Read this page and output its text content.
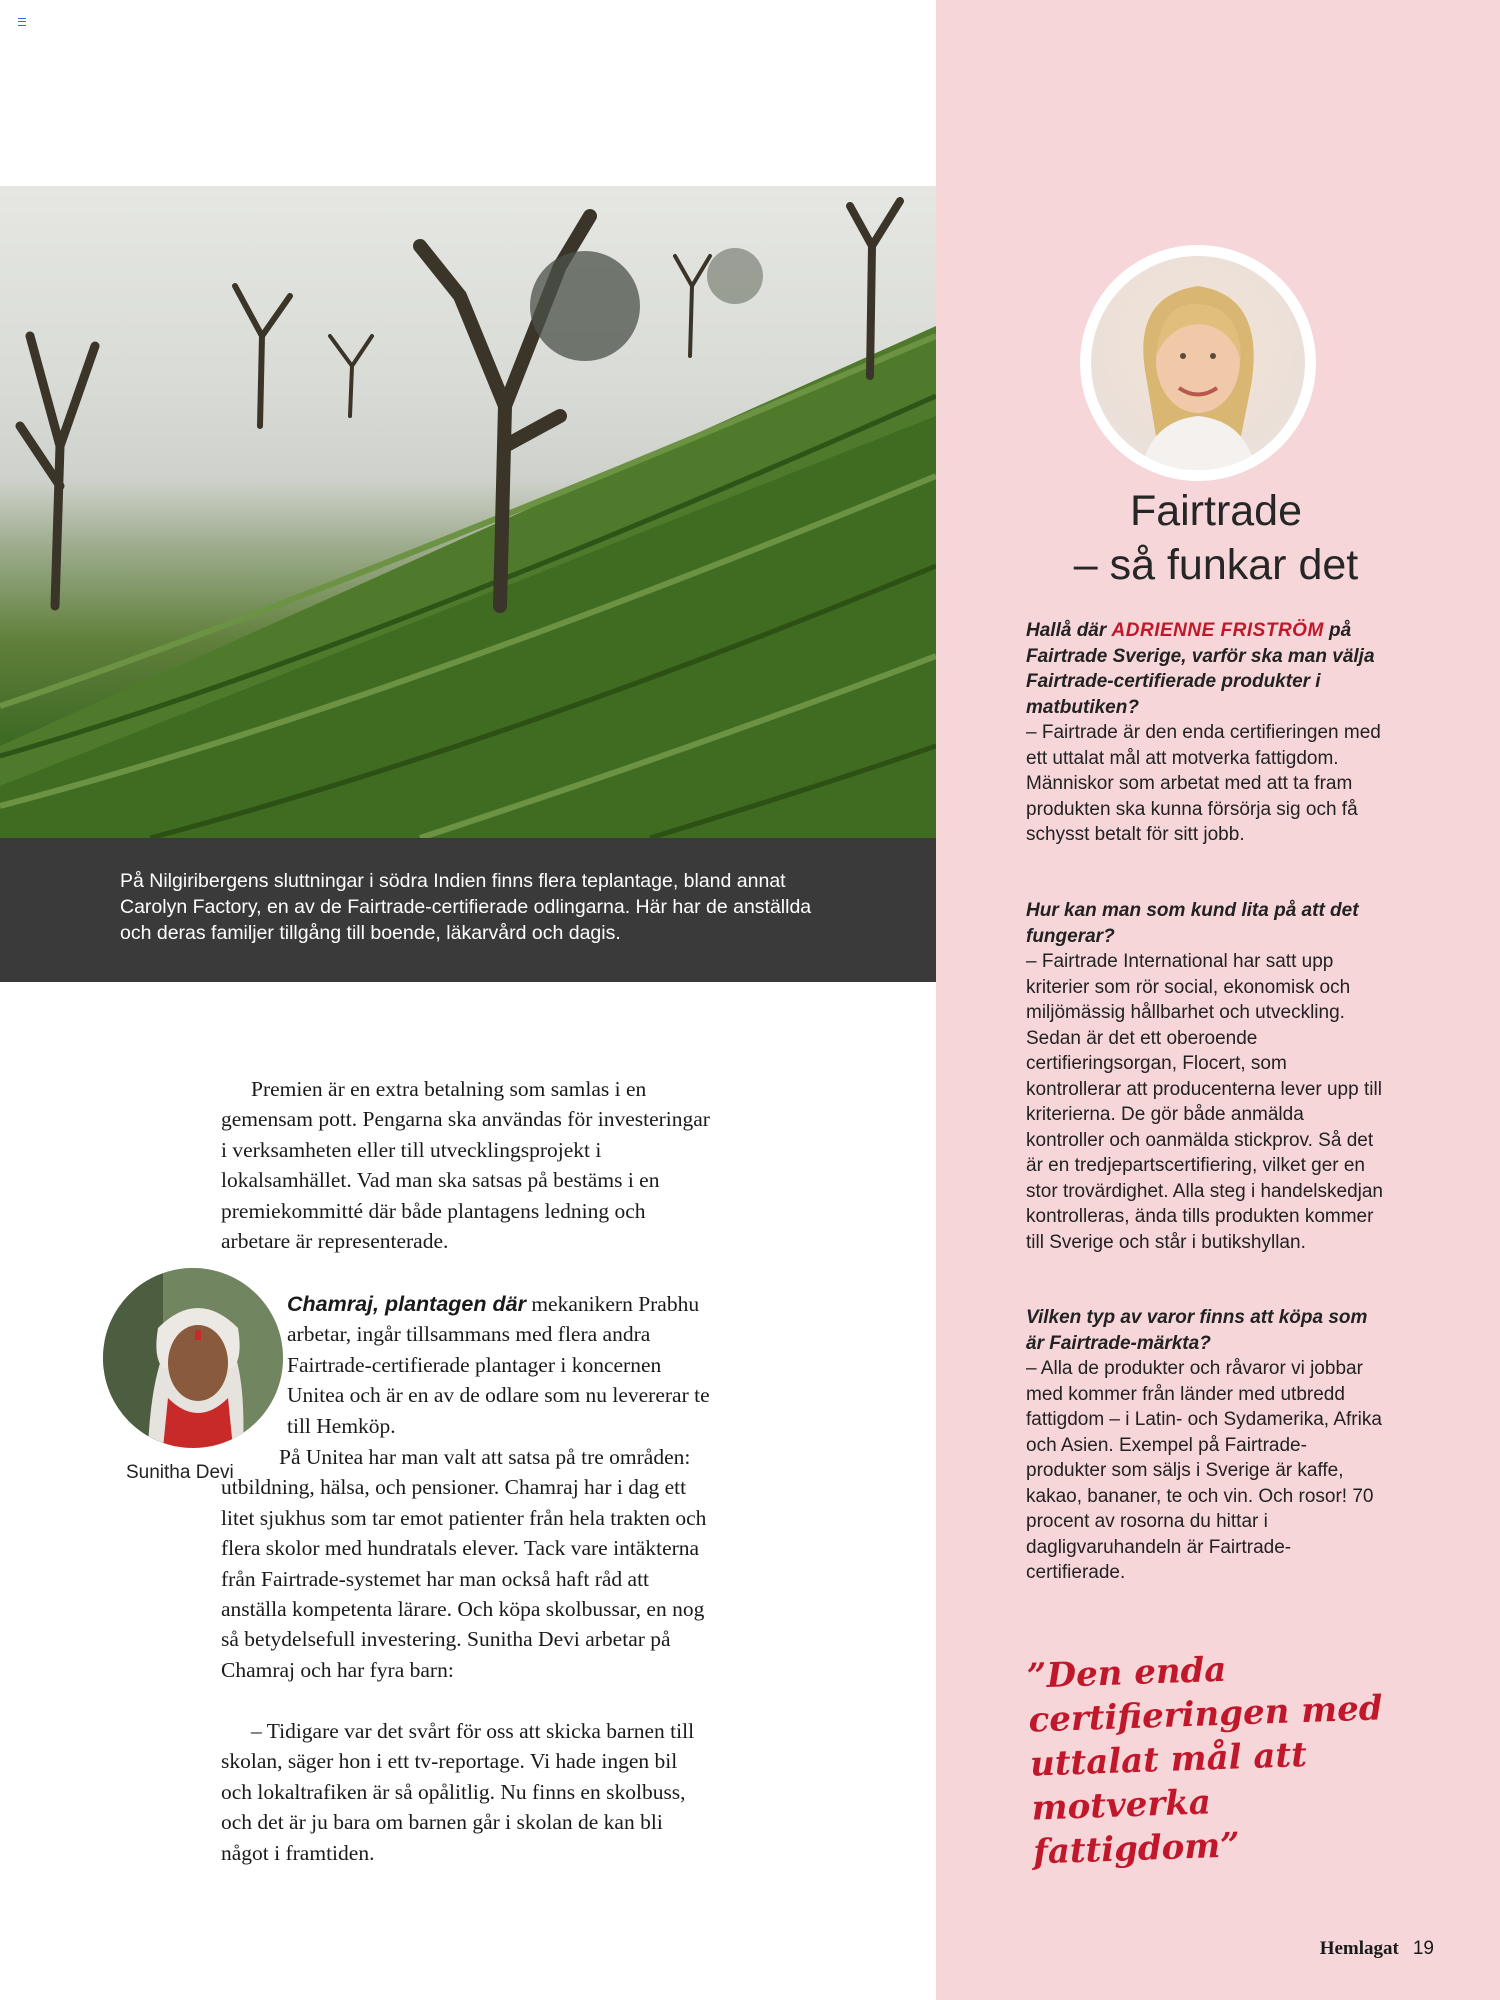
På Nilgiribergens sluttningar i södra Indien finns flera teplantage, bland annat Carolyn Factory, en av de Fairtrade-certifierade odlingarna. Här har de anställda och deras familjer tillgång till boende, läkarvård och dagis.
Fairtrade
– så funkar det
Hallå där ADRIENNE FRISTRÖM på Fairtrade Sverige, varför ska man välja Fairtrade-certifierade produkter i matbutiken?
– Fairtrade är den enda certifieringen med ett uttalat mål att motverka fattigdom. Människor som arbetat med att ta fram produkten ska kunna försörja sig och få schysst betalt för sitt jobb.
Hur kan man som kund lita på att det fungerar?
– Fairtrade International har satt upp kriterier som rör social, ekonomisk och miljömässig hållbarhet och utveckling. Sedan är det ett oberoende certifieringsorgan, Flocert, som kontrollerar att producenterna lever upp till kriterierna. De gör både anmälda kontroller och oanmälda stickprov. Så det är en tredjepartscertifiering, vilket ger en stor trovärdighet. Alla steg i handelskedjan kontrolleras, ända tills produkten kommer till Sverige och står i butikshyllan.
Vilken typ av varor finns att köpa som är Fairtrade-märkta?
– Alla de produkter och råvaror vi jobbar med kommer från länder med utbredd fattigdom – i Latin- och Sydamerika, Afrika och Asien. Exempel på Fairtrade-produkter som säljs i Sverige är kaffe, kakao, bananer, te och vin. Och rosor! 70 procent av rosorna du hittar i dagligvaruhandeln är Fairtrade-certifierade.
”Den enda certifieringen med uttalat mål att motverka fattigdom”
Premien är en extra betalning som samlas i en gemensam pott. Pengarna ska användas för investeringar i verksamheten eller till utvecklingsprojekt i lokalsamhället. Vad man ska satsas på bestäms i en premiekommitté där både plantagens ledning och arbetare är representerade.
Sunitha Devi
Chamraj, plantagen där mekanikern Prabhu arbetar, ingår tillsammans med flera andra Fairtrade-certifierade plantager i koncernen Unitea och är en av de odlare som nu levererar te till Hemköp.
På Unitea har man valt att satsa på tre områden: utbildning, hälsa, och pensioner. Chamraj har i dag ett litet sjukhus som tar emot patienter från hela trakten och flera skolor med hundratals elever. Tack vare intäkterna från Fairtrade-systemet har man också haft råd att anställa kompetenta lärare. Och köpa skolbussar, en nog så betydelsefull investering. Sunitha Devi arbetar på Chamraj och har fyra barn:
– Tidigare var det svårt för oss att skicka barnen till skolan, säger hon i ett tv-reportage. Vi hade ingen bil och lokaltrafiken är så opålitlig. Nu finns en skolbuss, och det är ju bara om barnen går i skolan de kan bli något i framtiden.
Hemlagat 19
